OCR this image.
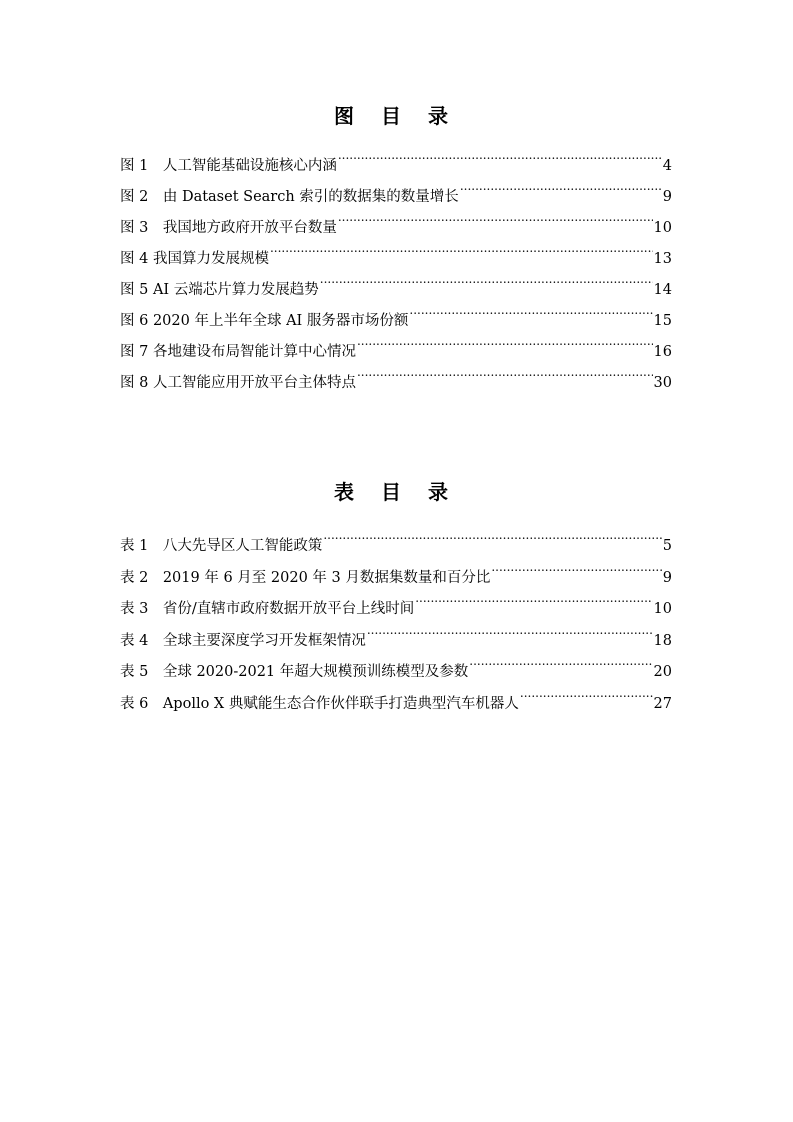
图 目 录
图 1　人工智能基础设施核心内涵 .....	4
图 2　由 Dataset Search 索引的数据集的数量增长 .....	9
图 3　我国地方政府开放平台数量 .....	10
图 4 我国算力发展规模 .....	13
图 5 AI 云端芯片算力发展趋势 .....	14
图 6 2020 年上半年全球 AI 服务器市场份额 .....	15
图 7 各地建设布局智能计算中心情况 .....	16
图 8 人工智能应用开放平台主体特点 .....	30
表 目 录
表 1　八大先导区人工智能政策 .....	5
表 2　2019 年 6 月至 2020 年 3 月数据集数量和百分比 .....	9
表 3　省份/直辖市政府数据开放平台上线时间 .....	10
表 4　全球主要深度学习开发框架情况 .....	18
表 5　全球 2020-2021 年超大规模预训练模型及参数 .....	20
表 6　Apollo X 典赋能生态合作伙伴联手打造典型汽车机器人 .....	27
